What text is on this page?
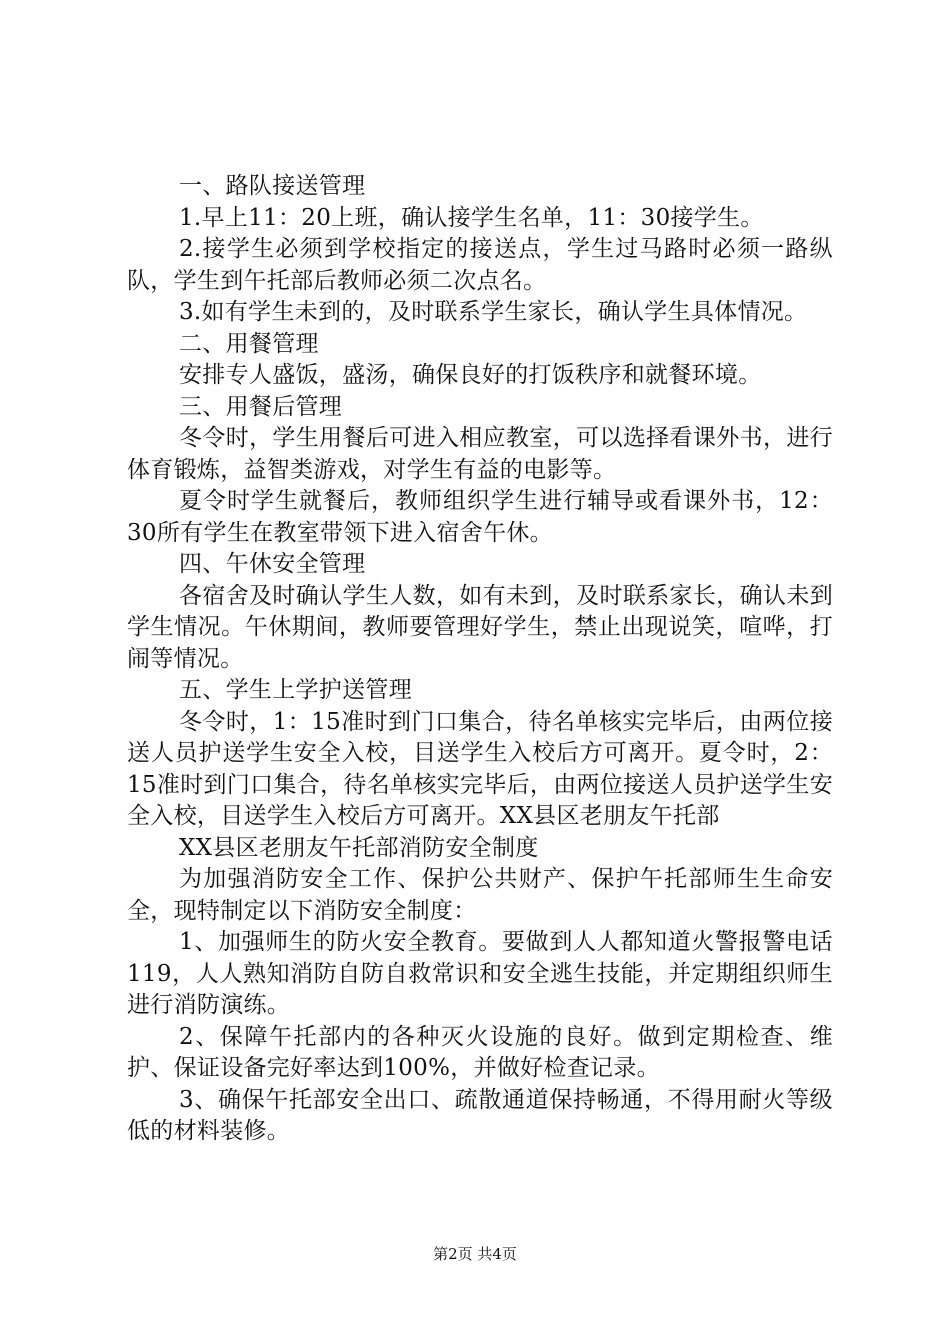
一、路队接送管理

1.早上11：20上班，确认接学生名单，11：30接学生。

2.接学生必须到学校指定的接送点，学生过马路时必须一路纵队，学生到午托部后教师必须二次点名。

3.如有学生未到的，及时联系学生家长，确认学生具体情况。

二、用餐管理

安排专人盛饭，盛汤，确保良好的打饭秩序和就餐环境。

三、用餐后管理

冬令时，学生用餐后可进入相应教室，可以选择看课外书，进行体育锻炼，益智类游戏，对学生有益的电影等。

夏令时学生就餐后，教师组织学生进行辅导或看课外书，12：30所有学生在教室带领下进入宿舍午休。

四、午休安全管理

各宿舍及时确认学生人数，如有未到，及时联系家长，确认未到学生情况。午休期间，教师要管理好学生，禁止出现说笑，喧哗，打闹等情况。

五、学生上学护送管理

冬令时，1：15准时到门口集合，待名单核实完毕后，由两位接送人员护送学生安全入校，目送学生入校后方可离开。夏令时，2：15准时到门口集合，待名单核实完毕后，由两位接送人员护送学生安全入校，目送学生入校后方可离开。XX县区老朋友午托部

XX县区老朋友午托部消防安全制度

为加强消防安全工作、保护公共财产、保护午托部师生生命安全，现特制定以下消防安全制度：

1、加强师生的防火安全教育。要做到人人都知道火警报警电话119，人人熟知消防自防自救常识和安全逃生技能，并定期组织师生进行消防演练。

2、保障午托部内的各种灭火设施的良好。做到定期检查、维护、保证设备完好率达到100%，并做好检查记录。

3、确保午托部安全出口、疏散通道保持畅通，不得用耐火等级低的材料装修。

第2页 共4页
